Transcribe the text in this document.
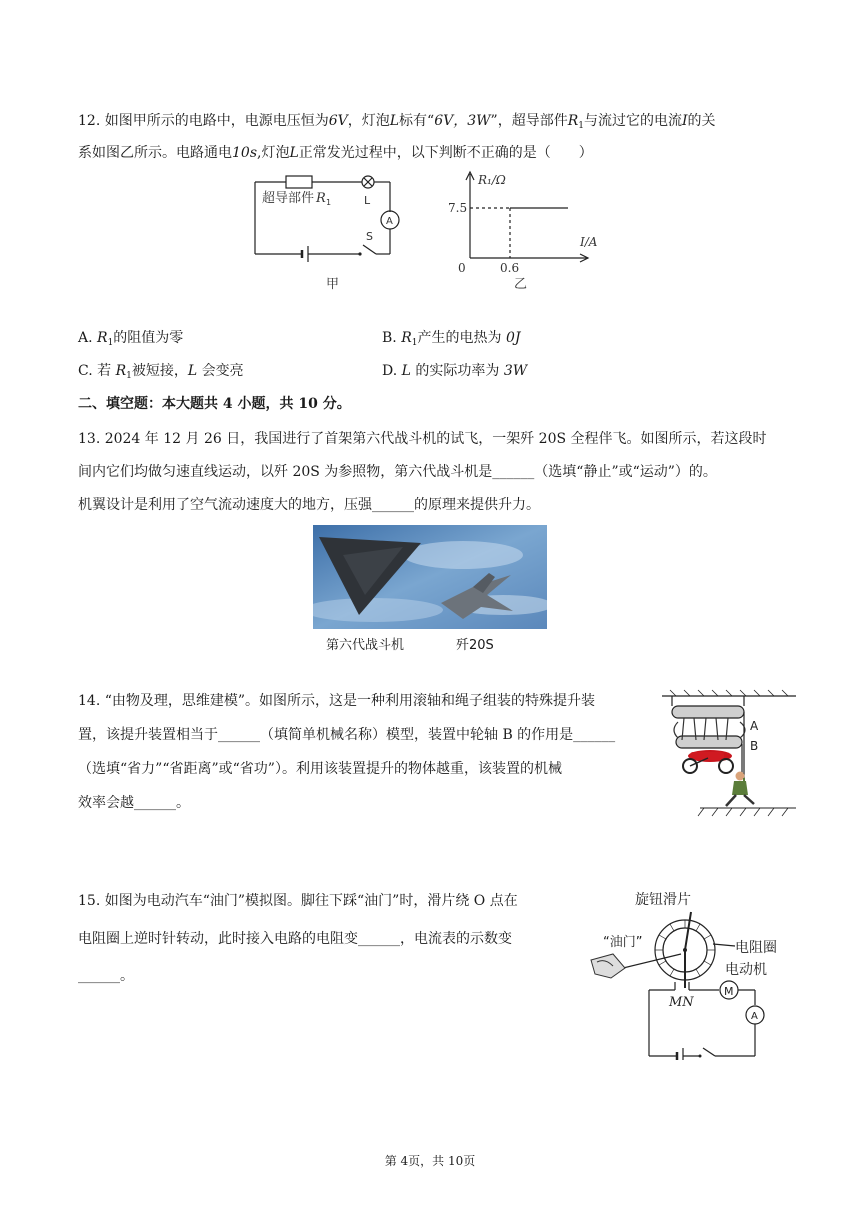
12. 如图甲所示的电路中，电源电压恒为6V，灯泡L标有“6V，3W”，超导部件$R_1$与流过它的电流I的关
系如图乙所示。电路通电10s,灯泡L正常发光过程中，以下判断不正确的是（　　）
超导部件 R 1	L
A
S
甲
R₁/Ω
7.5
0	0.6
I/A
乙
A. $R_1$的阻值为零	B. $R_1$产生的电热为 0J
C. 若 $R_1$被短接，L 会变亮	D. L 的实际功率为 3W
二、填空题：本大题共 4 小题，共 10 分。
13. 2024 年 12 月 26 日，我国进行了首架第六代战斗机的试飞，一架歼 20S 全程伴飞。如图所示，若这段时
间内它们均做匀速直线运动，以歼 20S 为参照物，第六代战斗机是______（选填“静止”或“运动”）的。
机翼设计是利用了空气流动速度大的地方，压强______的原理来提供升力。
第六代战斗机	歼20S
14. “由物及理，思维建模”。如图所示，这是一种利用滚轴和绳子组装的特殊提升装
置，该提升装置相当于______（填简单机械名称）模型，装置中轮轴 B 的作用是______
（选填“省力”“省距离”或“省功”）。利用该装置提升的物体越重，该装置的机械
效率会越______。
A
B
15. 如图为电动汽车“油门”模拟图。脚往下踩“油门”时，滑片绕 O 点在
电阻圈上逆时针转动，此时接入电路的电阻变______，电流表的示数变
______。
旋钮滑片
“油门”	电阻圈
电动机
M
A
MN
第 4页，共 10页
